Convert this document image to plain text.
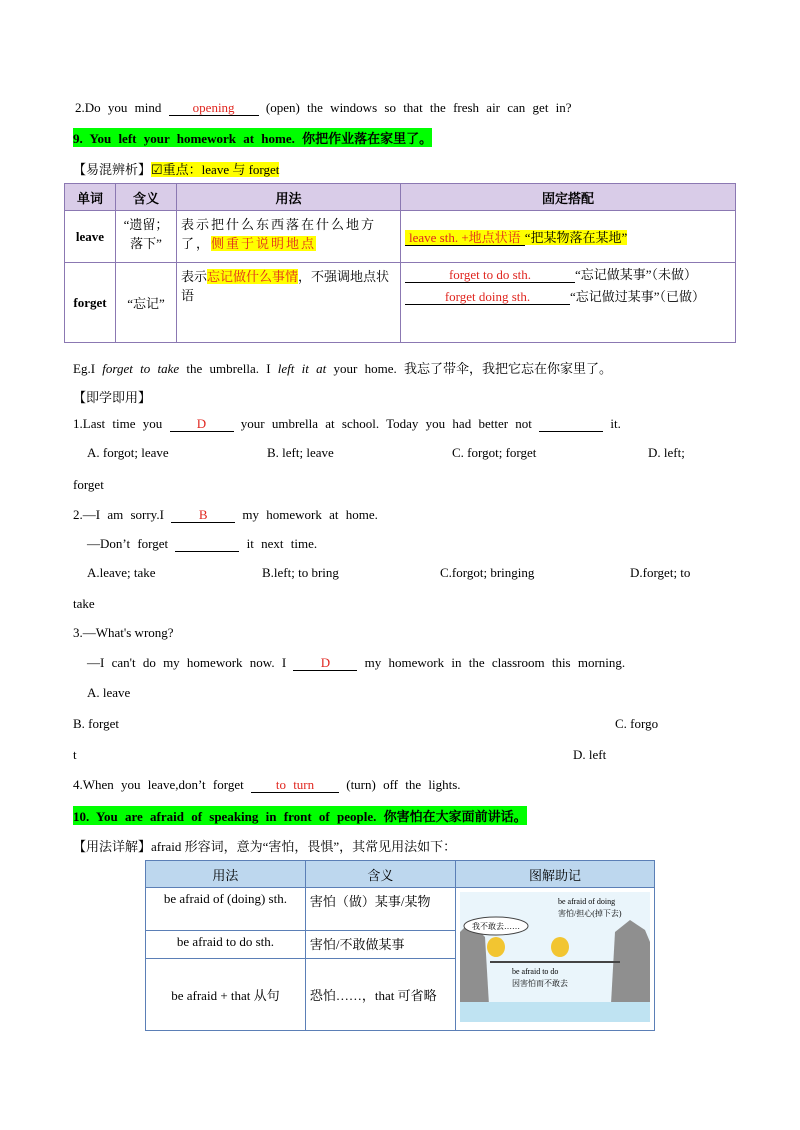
2.Do you mind opening (open) the windows so that the fresh air can get in?
9. You left your homework at home. 你把作业落在家里了。
【易混辨析】☑重点：leave 与 forget
单词	含义	用法	固定搭配
leave	“遗留；落下”	表示把什么东西落在什么地方了，侧重于说明地点	leave sth. +地点状语 “把某物落在某地”
forget	“忘记”	表示忘记做什么事情，不强调地点状语	forget to do sth. “忘记做某事”（未做）
forget doing sth. “忘记做过某事”（已做）
Eg.I forget to take the umbrella. I left it at your home. 我忘了带伞，我把它忘在你家里了。
【即学即用】
1.Last time you	D	your umbrella at school. Today you had better not	it.
A. forgot; leave	B. left; leave	C. forgot; forget	D. left;
forget
2.—I am sorry.I	B	my homework at home.
—Don’t forget	it next time.
A.leave; take	B.left; to bring	C.forgot; bringing	D.forget; to
take
3.—What's wrong?
—I can't do my homework now. I	D	my homework in the classroom this morning.
A. leave
B. forget	C. forgo
t	D. left
4.When you leave,don’t forget to turn (turn) off the lights.
10. You are afraid of speaking in front of people. 你害怕在大家面前讲话。
【用法详解】afraid 形容词，意为“害怕，畏惧”，其常见用法如下：
用法	含义	图解助记
be afraid of (doing) sth.	害怕（做）某事/某物	我不敢去……
be afraid of doing
害怕/担心(掉下去)
be afraid to do
因害怕而不敢去

be afraid to do sth.	害怕/不敢做某事	
be afraid + that 从句	恐怕……，that 可省略	
